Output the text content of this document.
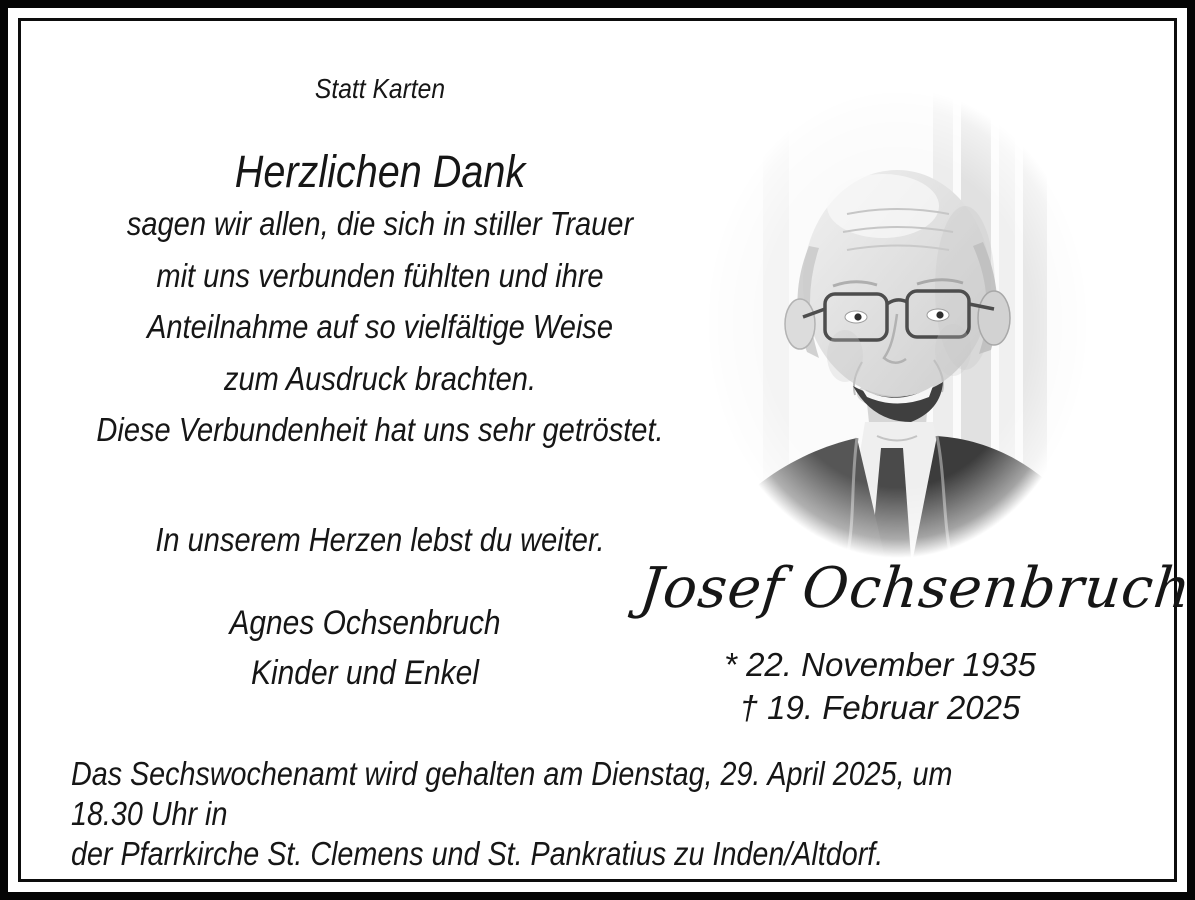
Statt Karten
Herzlichen Dank
sagen wir allen, die sich in stiller Trauer
mit uns verbunden fühlten und ihre
Anteilnahme auf so vielfältige Weise
zum Ausdruck brachten.
Diese Verbundenheit hat uns sehr getröstet.
In unserem Herzen lebst du weiter.
Agnes Ochsenbruch
Kinder und Enkel
Josef Ochsenbruch
* 22. November 1935
† 19. Februar 2025
Das Sechswochenamt wird gehalten am Dienstag, 29. April 2025, um 18.30 Uhr in
der Pfarrkirche St. Clemens und St. Pankratius zu Inden/Altdorf.
